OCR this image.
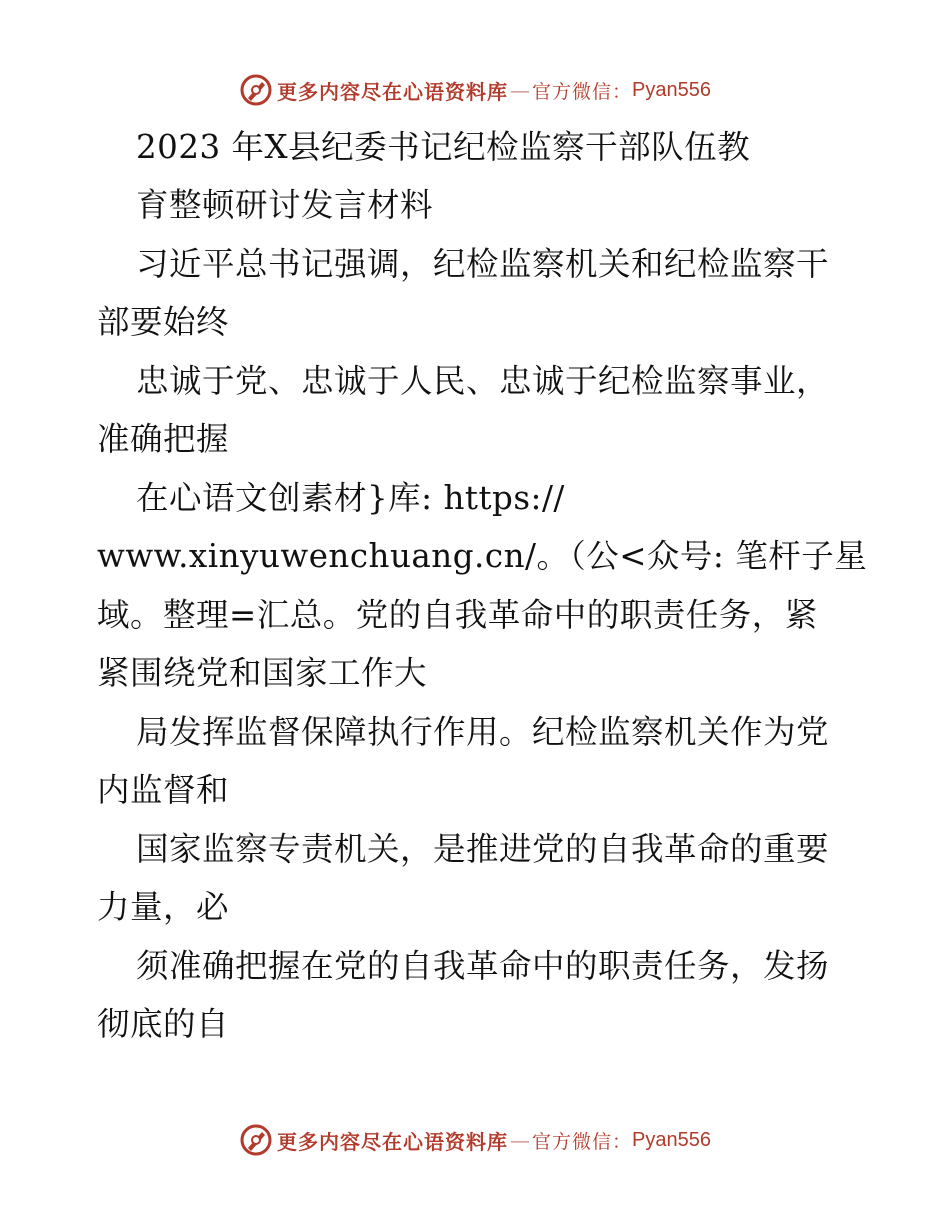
更多内容尽在心语资料库 — 官方微信： Pyan556
2023 年X县纪委书记纪检监察干部队伍教
育整顿研讨发言材料
习近平总书记强调，纪检监察机关和纪检监察干
部要始终
忠诚于党、忠诚于人民、忠诚于纪检监察事业，
准确把握
在心语文创素材}库: https://
www.xinyuwenchuang.cn/。（公<众号: 笔杆子星
域。整理=汇总。党的自我革命中的职责任务，紧
紧围绕党和国家工作大
局发挥监督保障执行作用。纪检监察机关作为党
内监督和
国家监察专责机关，是推进党的自我革命的重要
力量，必
须准确把握在党的自我革命中的职责任务，发扬
彻底的自
更多内容尽在心语资料库 — 官方微信： Pyan556
